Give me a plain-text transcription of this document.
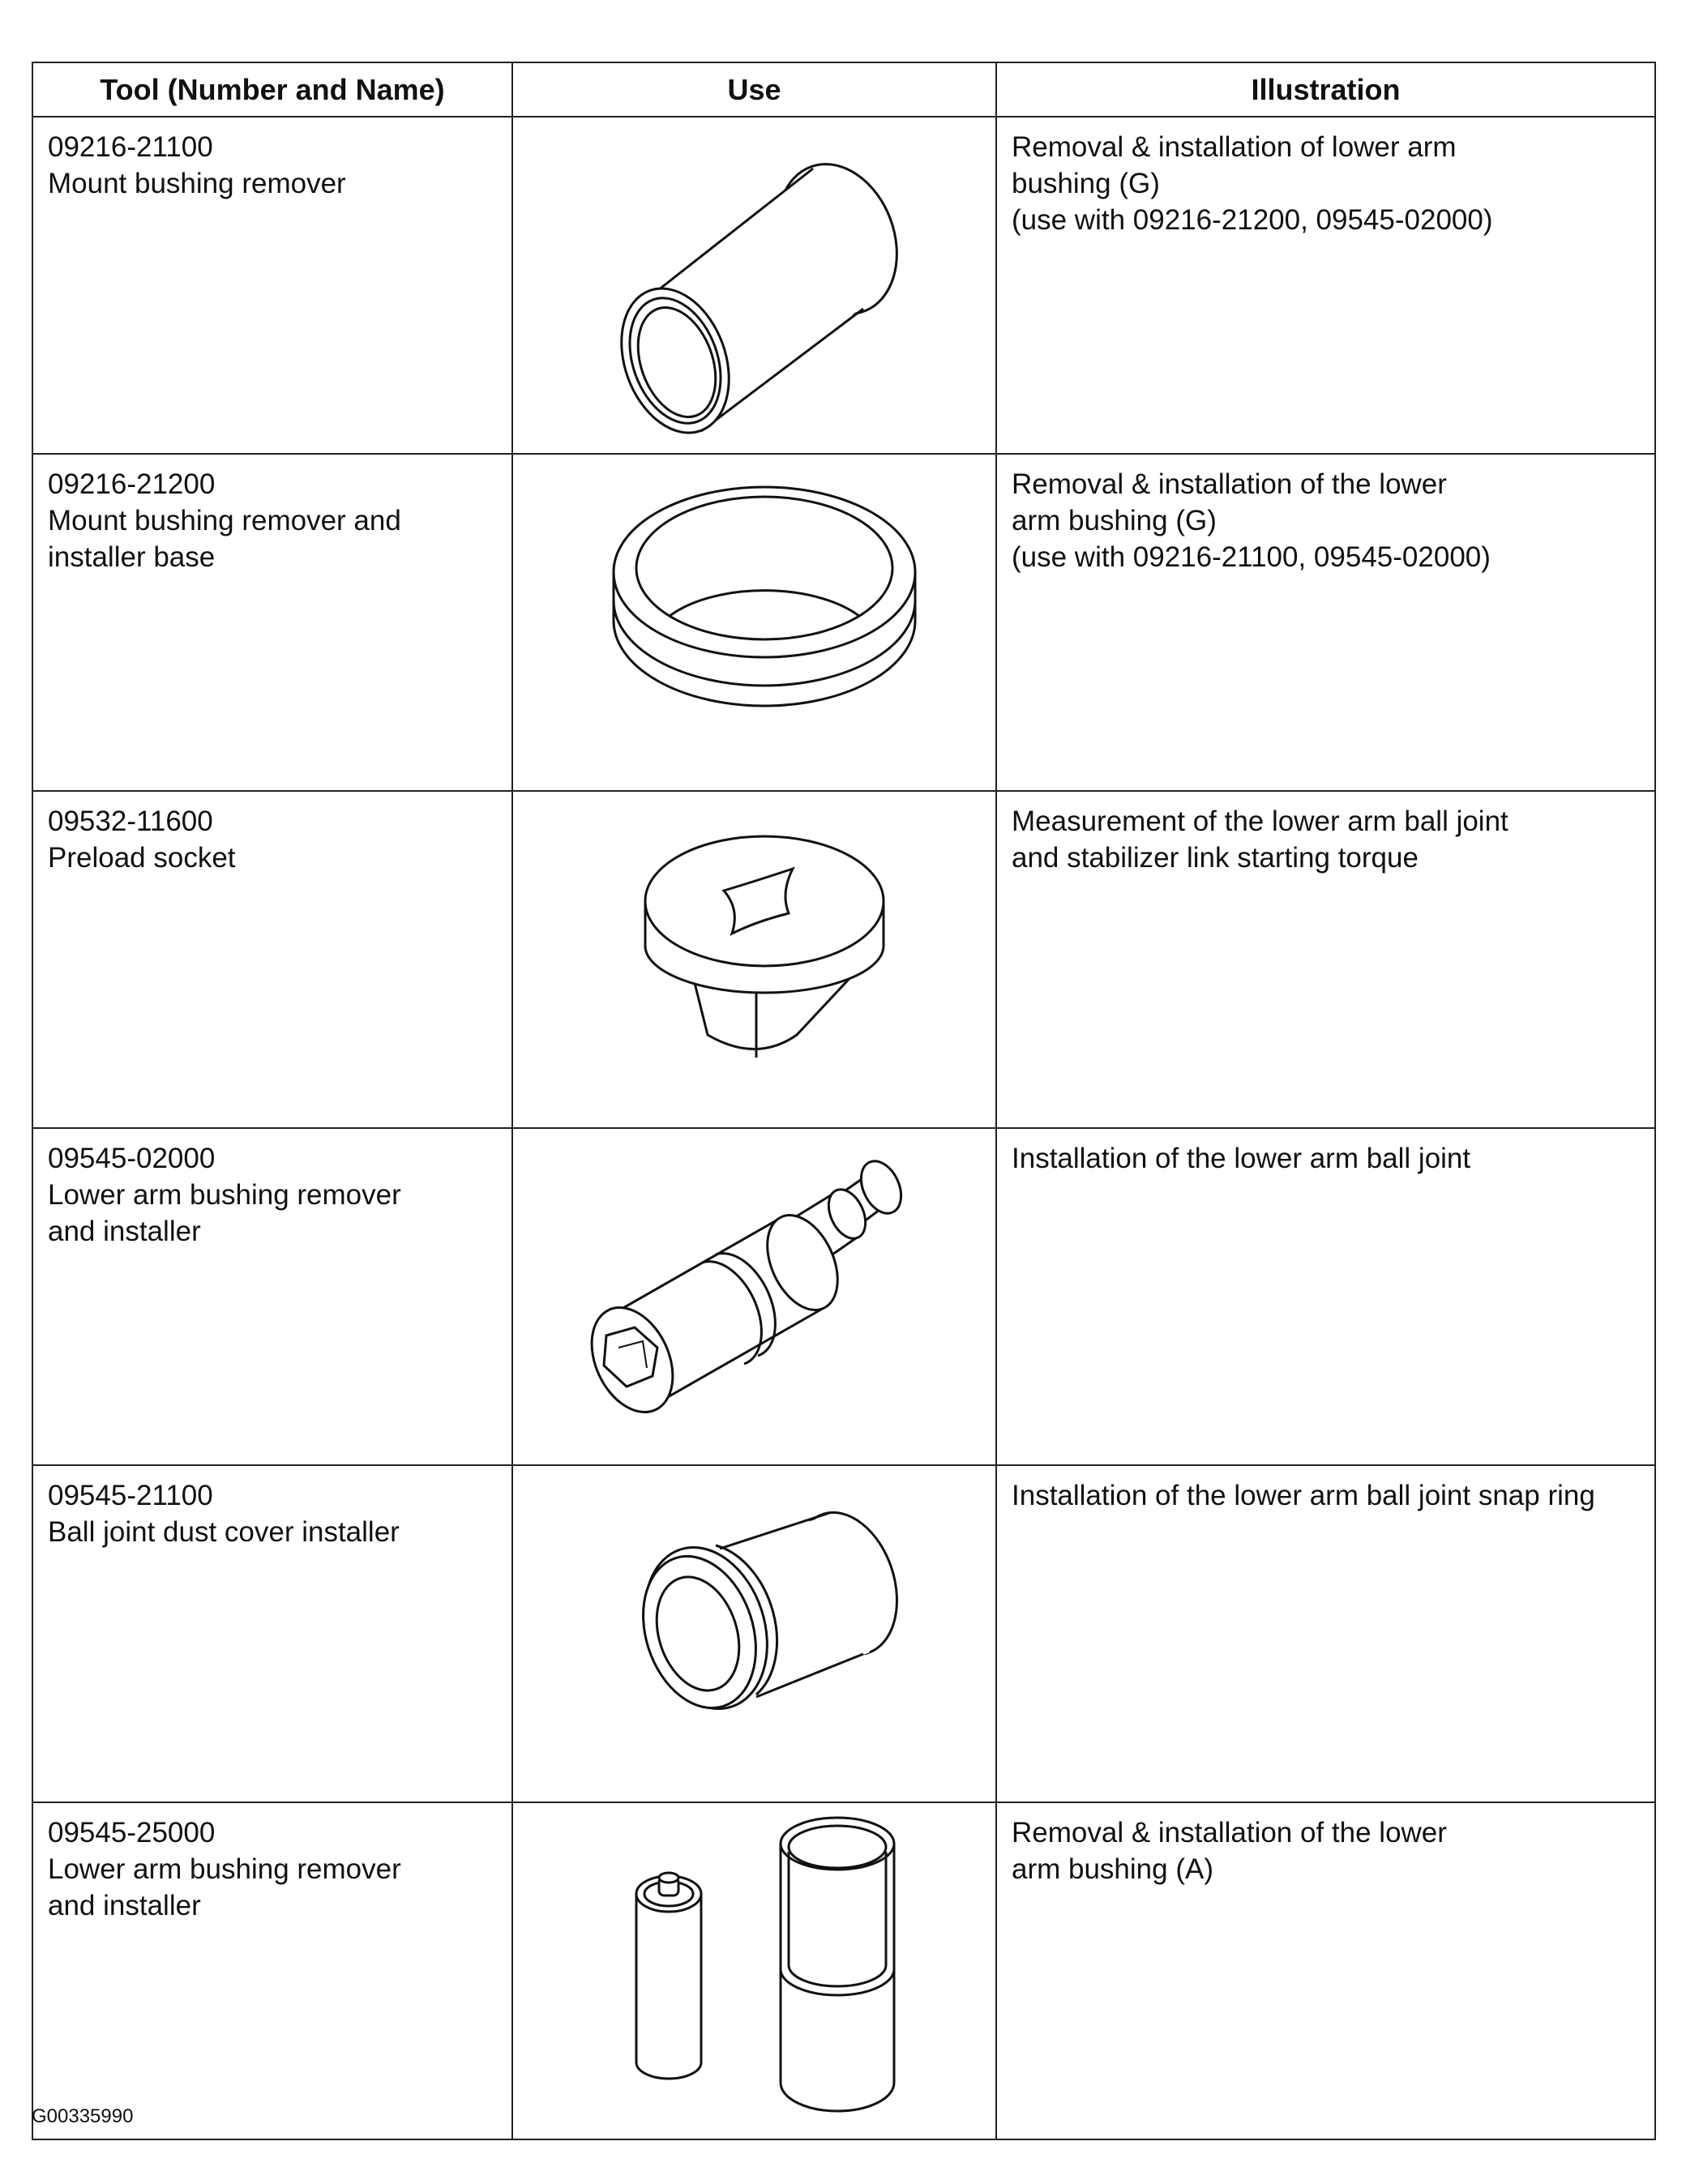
Tool (Number and Name)	Use	Illustration

09216-21100
Mount bushing remover		Removal & installation of lower arm
bushing (G)
(use with 09216-21200, 09545-02000)

09216-21200
Mount bushing remover and
installer base		Removal & installation of the lower
arm bushing (G)
(use with 09216-21100, 09545-02000)

09532-11600
Preload socket		Measurement of the lower arm ball joint
and stabilizer link starting torque

09545-02000
Lower arm bushing remover
and installer		Installation of the lower arm ball joint

09545-21100
Ball joint dust cover installer		Installation of the lower arm ball joint snap ring

09545-25000
Lower arm bushing remover
and installer		Removal & installation of the lower
arm bushing (A)
G00335990
